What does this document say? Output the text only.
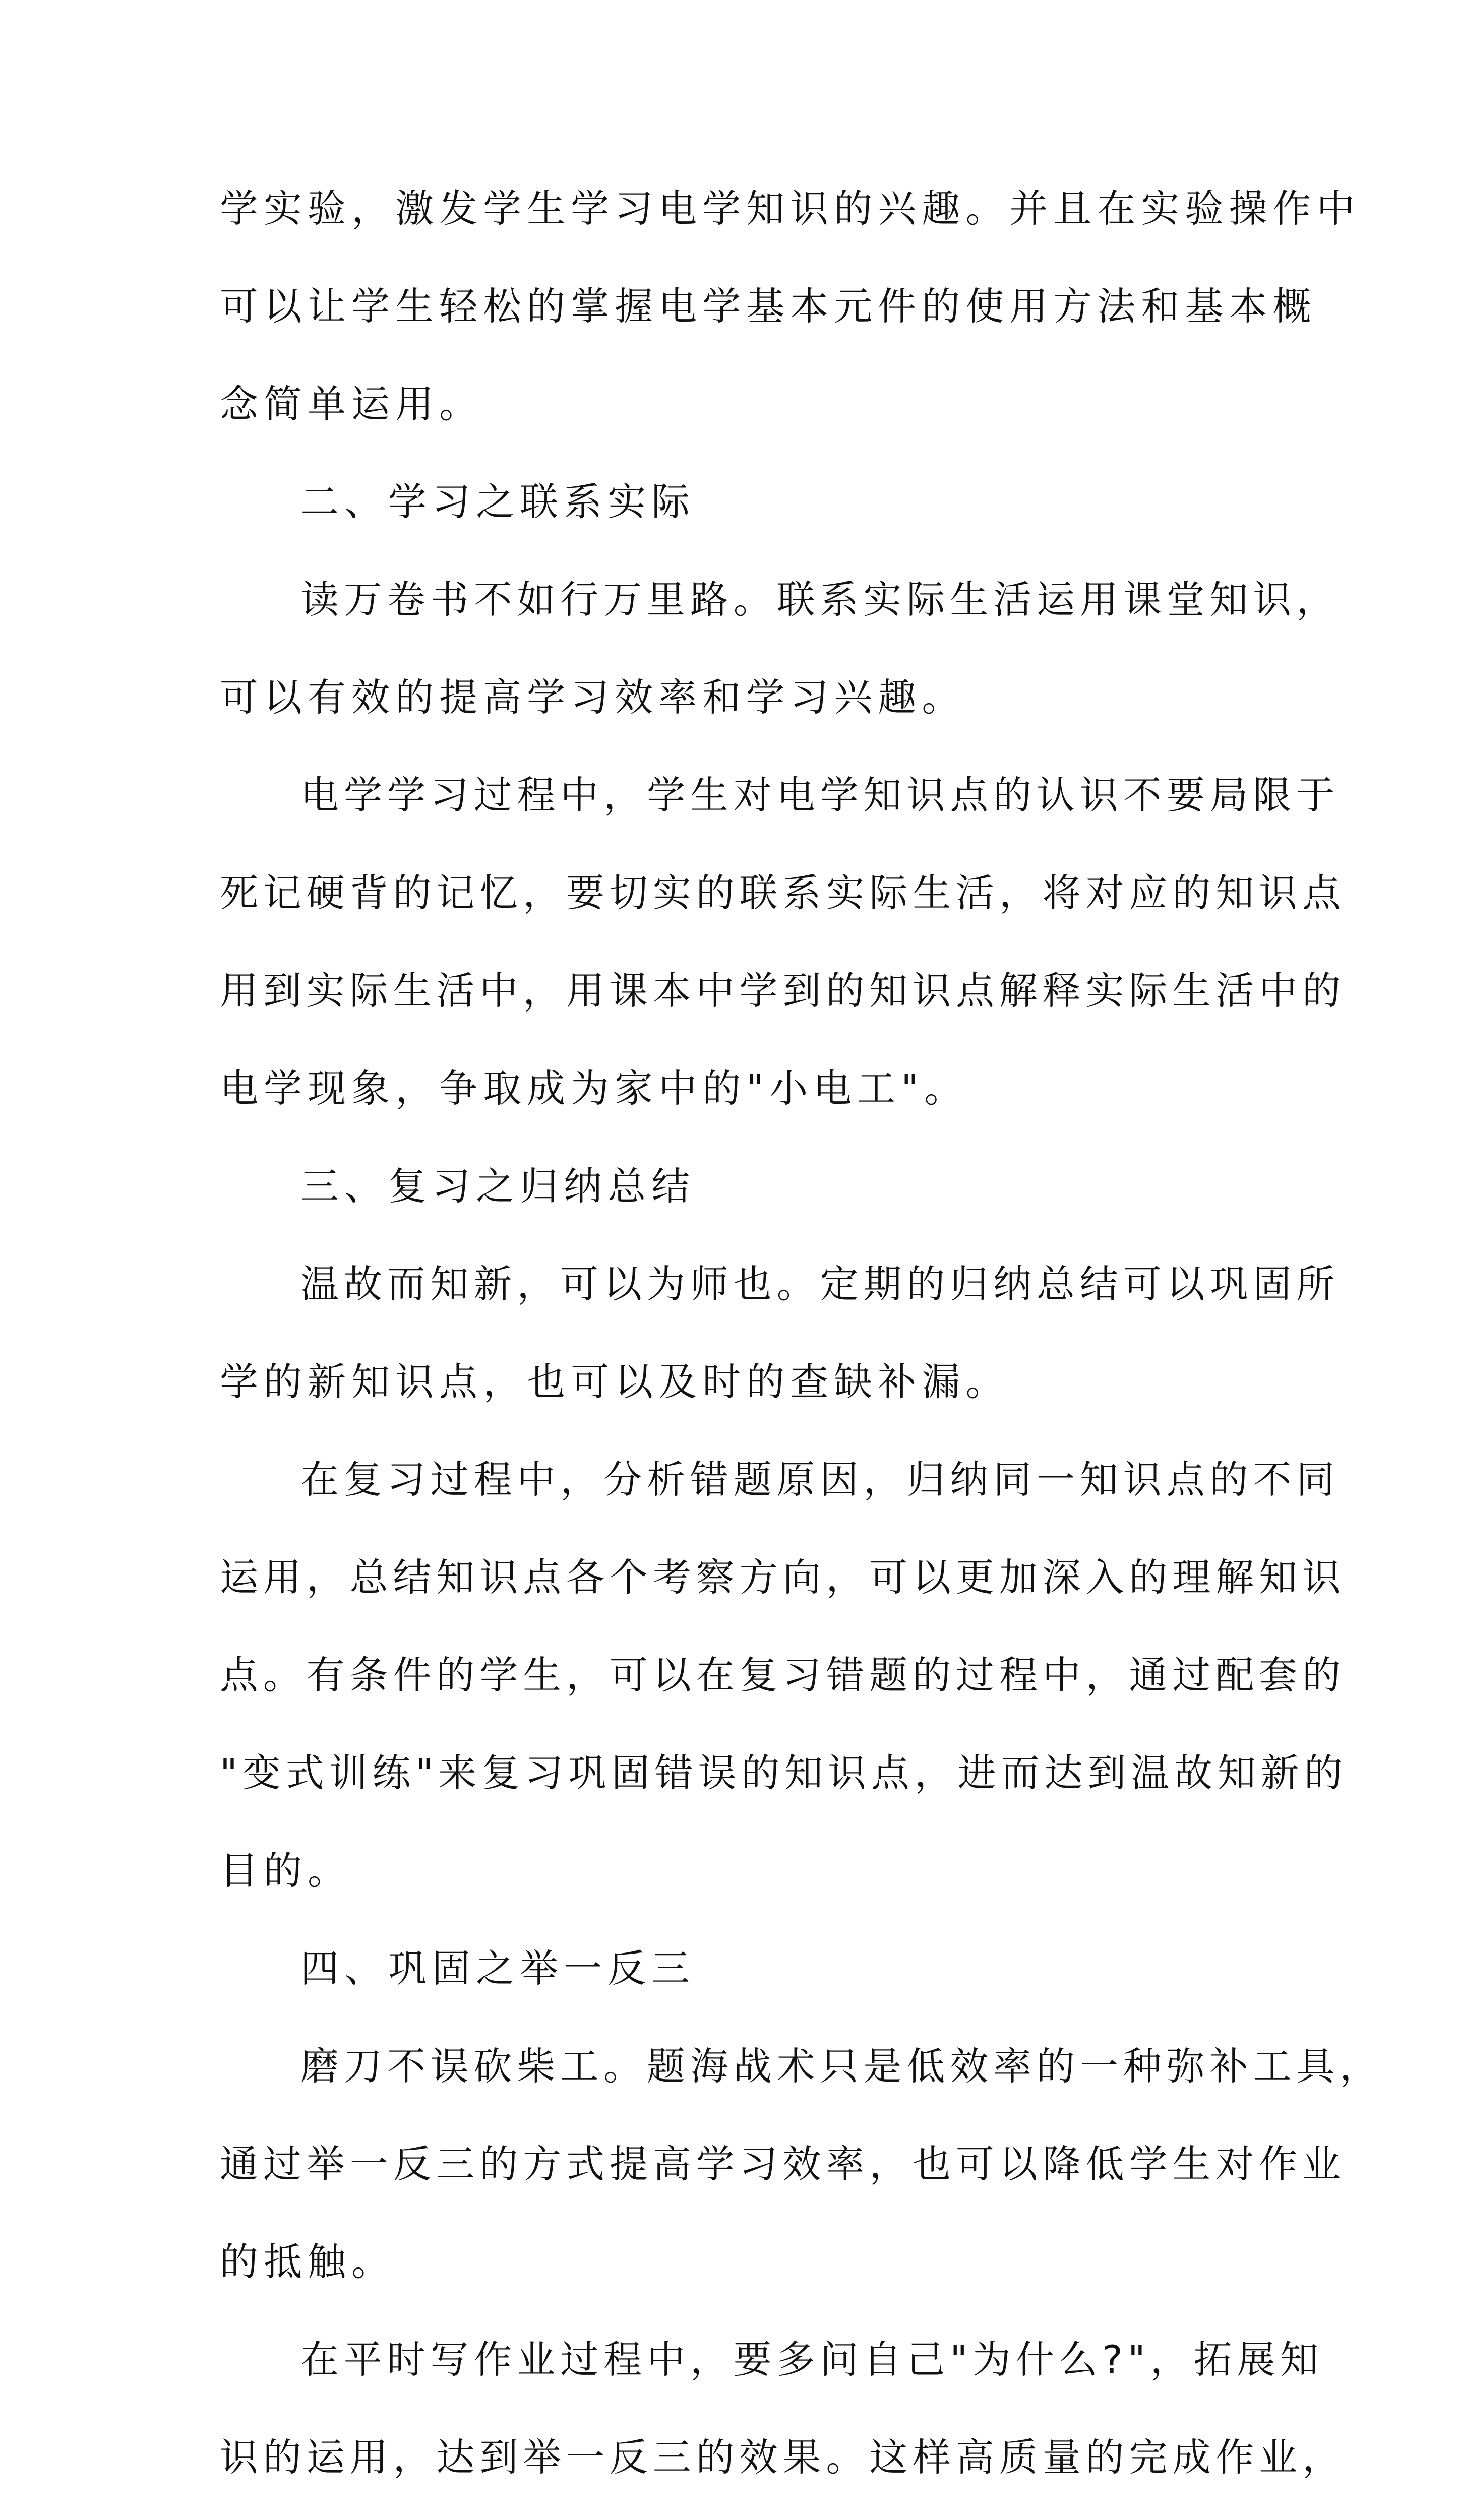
学实验，激发学生学习电学知识的兴趣。并且在实验操作中
可以让学生轻松的掌握电学基本元件的使用方法和基本概
念简单运用。
二、学习之联系实际
读万卷书不如行万里路。联系实际生活运用课堂知识，
可以有效的提高学习效率和学习兴趣。
电学学习过程中，学生对电学知识点的认识不要局限于
死记硬背的记忆，要切实的联系实际生活，将对应的知识点
用到实际生活中，用课本中学到的知识点解释实际生活中的
电学现象，争取成为家中的"小电工"。
三、复习之归纳总结
温故而知新，可以为师也。定期的归纳总结可以巩固所
学的新知识点，也可以及时的查缺补漏。
在复习过程中，分析错题原因，归纳同一知识点的不同
运用，总结知识点各个考察方向，可以更加深入的理解知识
点。有条件的学生，可以在复习错题的过程中，通过配套的
"变式训练"来复习巩固错误的知识点，进而达到温故知新的
目的。
四、巩固之举一反三
磨刀不误砍柴工。题海战术只是低效率的一种弥补工具，
通过举一反三的方式提高学习效率，也可以降低学生对作业
的抵触。
在平时写作业过程中，要多问自己"为什么?"，拓展知
识的运用，达到举一反三的效果。这样高质量的完成作业，
